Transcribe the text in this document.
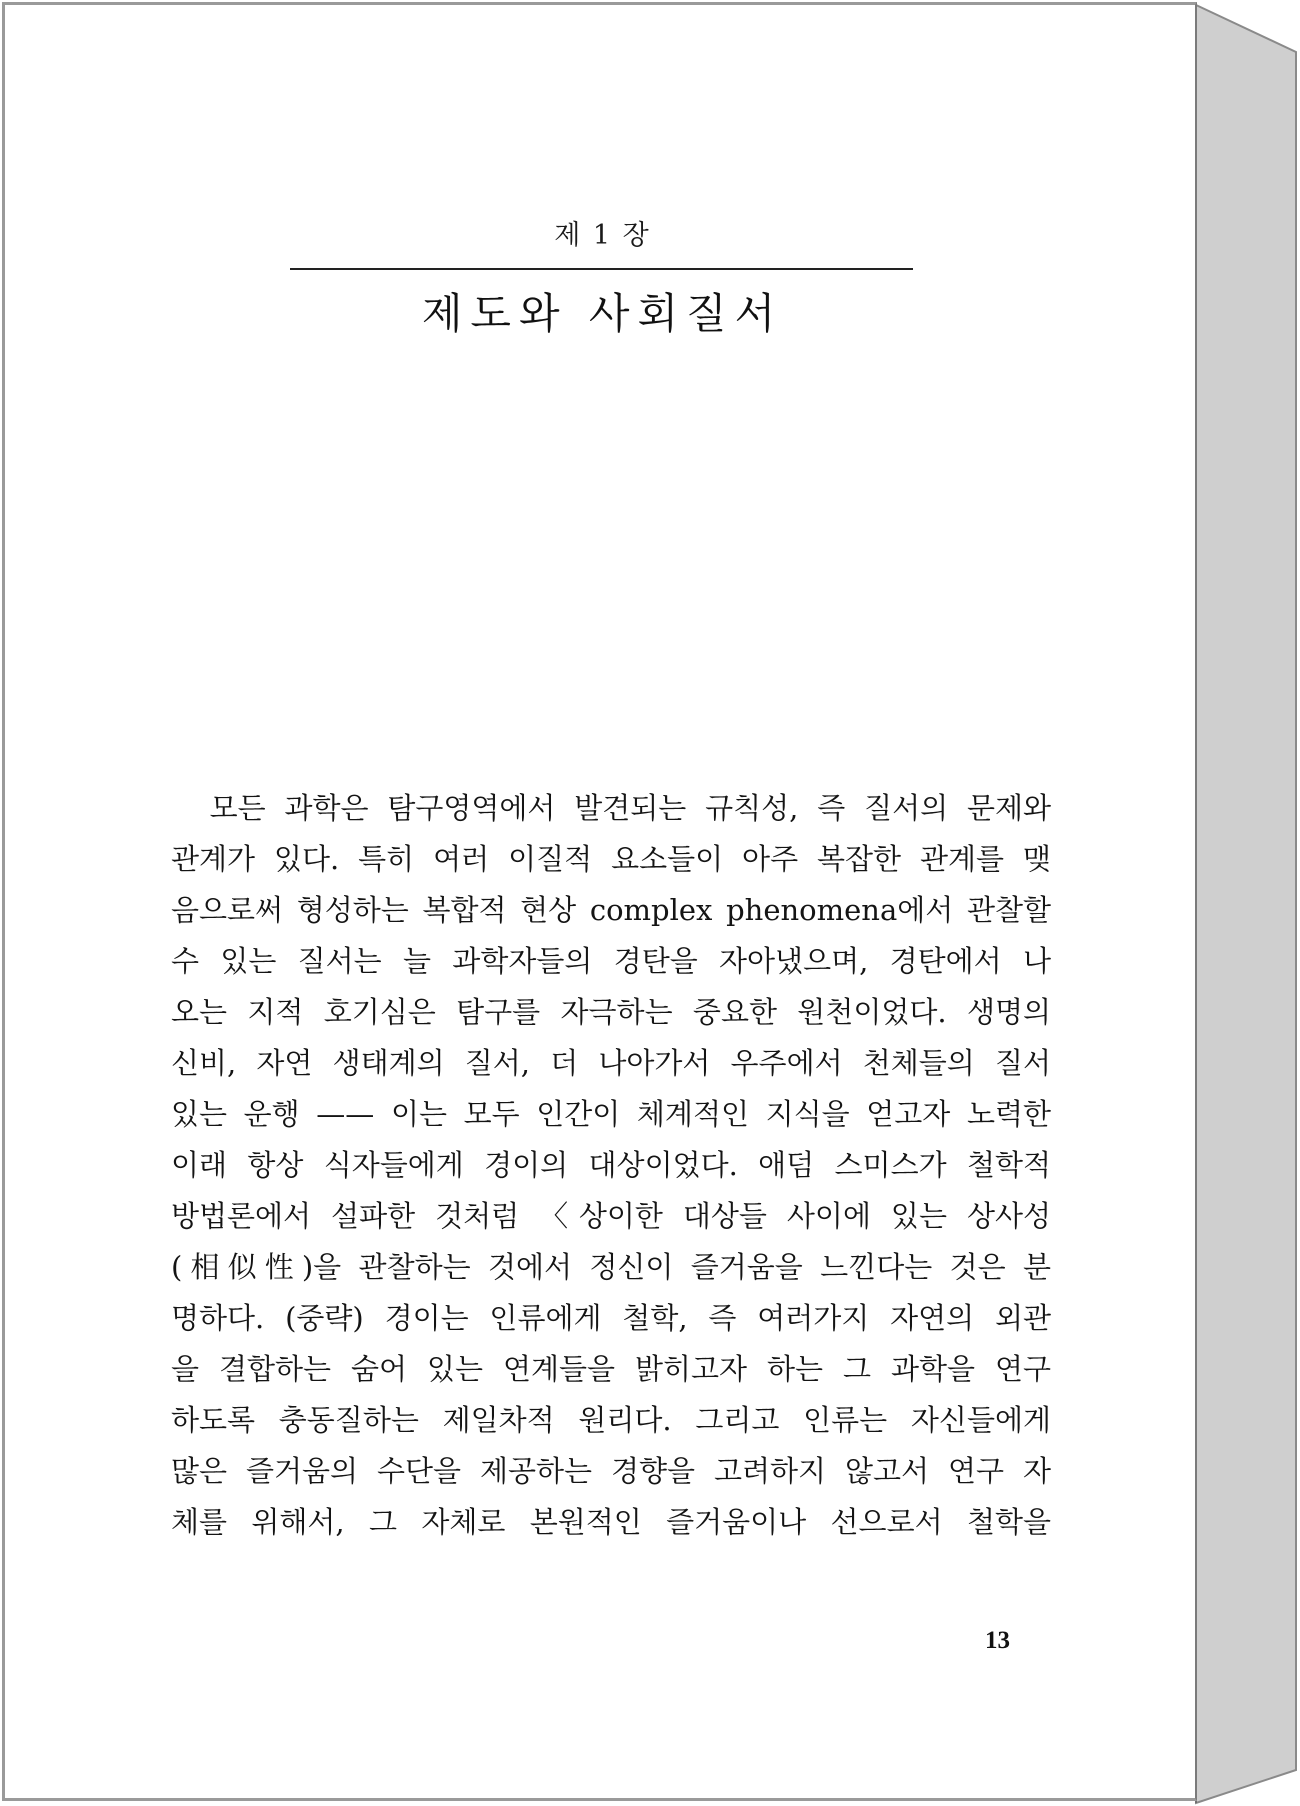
제 1 장
제도와 사회질서
　모든 과학은 탐구영역에서 발견되는 규칙성, 즉 질서의 문제와
관계가 있다. 특히 여러 이질적 요소들이 아주 복잡한 관계를 맺
음으로써 형성하는 복합적 현상 complex phenomena에서 관찰할
수 있는 질서는 늘 과학자들의 경탄을 자아냈으며, 경탄에서 나
오는 지적 호기심은 탐구를 자극하는 중요한 원천이었다. 생명의
신비, 자연 생태계의 질서, 더 나아가서 우주에서 천체들의 질서
있는 운행 —— 이는 모두 인간이 체계적인 지식을 얻고자 노력한
이래 항상 식자들에게 경이의 대상이었다. 애덤 스미스가 철학적
방법론에서 설파한 것처럼 〈상이한 대상들 사이에 있는 상사성
(相似性)을 관찰하는 것에서 정신이 즐거움을 느낀다는 것은 분
명하다. (중략) 경이는 인류에게 철학, 즉 여러가지 자연의 외관
을 결합하는 숨어 있는 연계들을 밝히고자 하는 그 과학을 연구
하도록 충동질하는 제일차적 원리다. 그리고 인류는 자신들에게
많은 즐거움의 수단을 제공하는 경향을 고려하지 않고서 연구 자
체를 위해서, 그 자체로 본원적인 즐거움이나 선으로서 철학을
13
